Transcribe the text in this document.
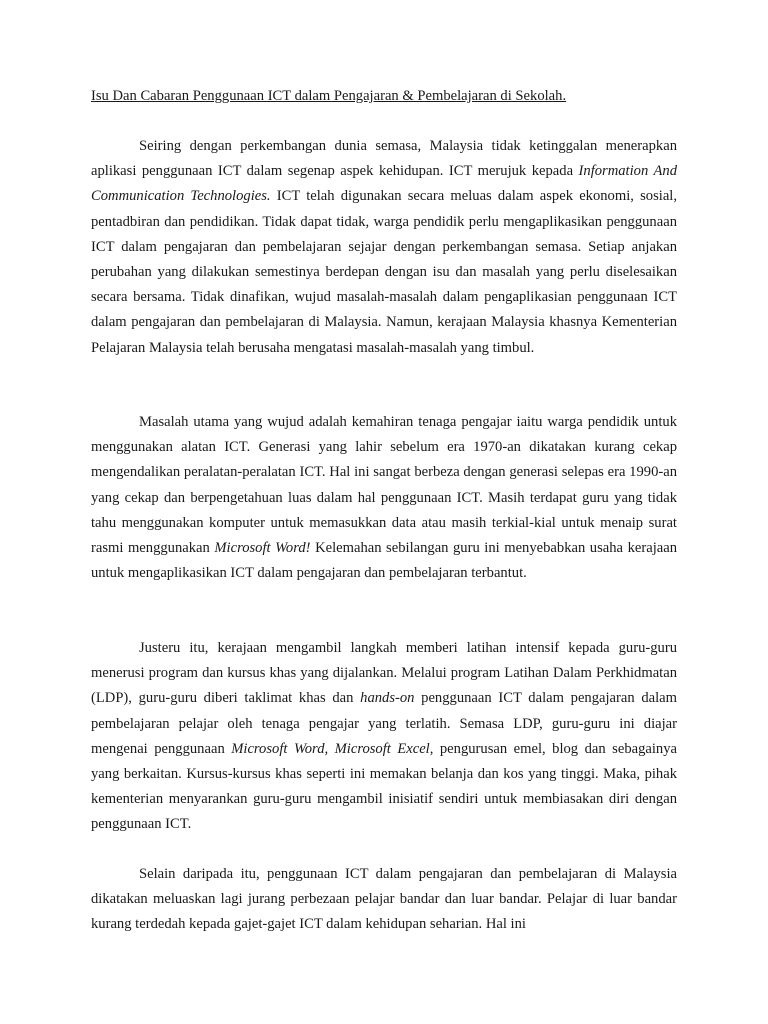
Isu Dan Cabaran Penggunaan ICT dalam Pengajaran & Pembelajaran di Sekolah.

Seiring dengan perkembangan dunia semasa, Malaysia tidak ketinggalan menerapkan aplikasi penggunaan ICT dalam segenap aspek kehidupan. ICT merujuk kepada Information And Communication Technologies. ICT telah digunakan secara meluas dalam aspek ekonomi, sosial, pentadbiran dan pendidikan. Tidak dapat tidak, warga pendidik perlu mengaplikasikan penggunaan ICT dalam pengajaran dan pembelajaran sejajar dengan perkembangan semasa. Setiap anjakan perubahan yang dilakukan semestinya berdepan dengan isu dan masalah yang perlu diselesaikan secara bersama. Tidak dinafikan, wujud masalah-masalah dalam pengaplikasian penggunaan ICT dalam pengajaran dan pembelajaran di Malaysia. Namun, kerajaan Malaysia khasnya Kementerian Pelajaran Malaysia telah berusaha mengatasi masalah-masalah yang timbul.

Masalah utama yang wujud adalah kemahiran tenaga pengajar iaitu warga pendidik untuk menggunakan alatan ICT. Generasi yang lahir sebelum era 1970-an dikatakan kurang cekap mengendalikan peralatan-peralatan ICT. Hal ini sangat berbeza dengan generasi selepas era 1990-an yang cekap dan berpengetahuan luas dalam hal penggunaan ICT. Masih terdapat guru yang tidak tahu menggunakan komputer untuk memasukkan data atau masih terkial-kial untuk menaip surat rasmi menggunakan Microsoft Word! Kelemahan sebilangan guru ini menyebabkan usaha kerajaan untuk mengaplikasikan ICT dalam pengajaran dan pembelajaran terbantut.

Justeru itu, kerajaan mengambil langkah memberi latihan intensif kepada guru-guru menerusi program dan kursus khas yang dijalankan. Melalui program Latihan Dalam Perkhidmatan (LDP), guru-guru diberi taklimat khas dan hands-on penggunaan ICT dalam pengajaran dalam pembelajaran pelajar oleh tenaga pengajar yang terlatih. Semasa LDP, guru-guru ini diajar mengenai penggunaan Microsoft Word, Microsoft Excel, pengurusan emel, blog dan sebagainya yang berkaitan. Kursus-kursus khas seperti ini memakan belanja dan kos yang tinggi. Maka, pihak kementerian menyarankan guru-guru mengambil inisiatif sendiri untuk membiasakan diri dengan penggunaan ICT.

Selain daripada itu, penggunaan ICT dalam pengajaran dan pembelajaran di Malaysia dikatakan meluaskan lagi jurang perbezaan pelajar bandar dan luar bandar. Pelajar di luar bandar kurang terdedah kepada gajet-gajet ICT dalam kehidupan seharian. Hal ini
